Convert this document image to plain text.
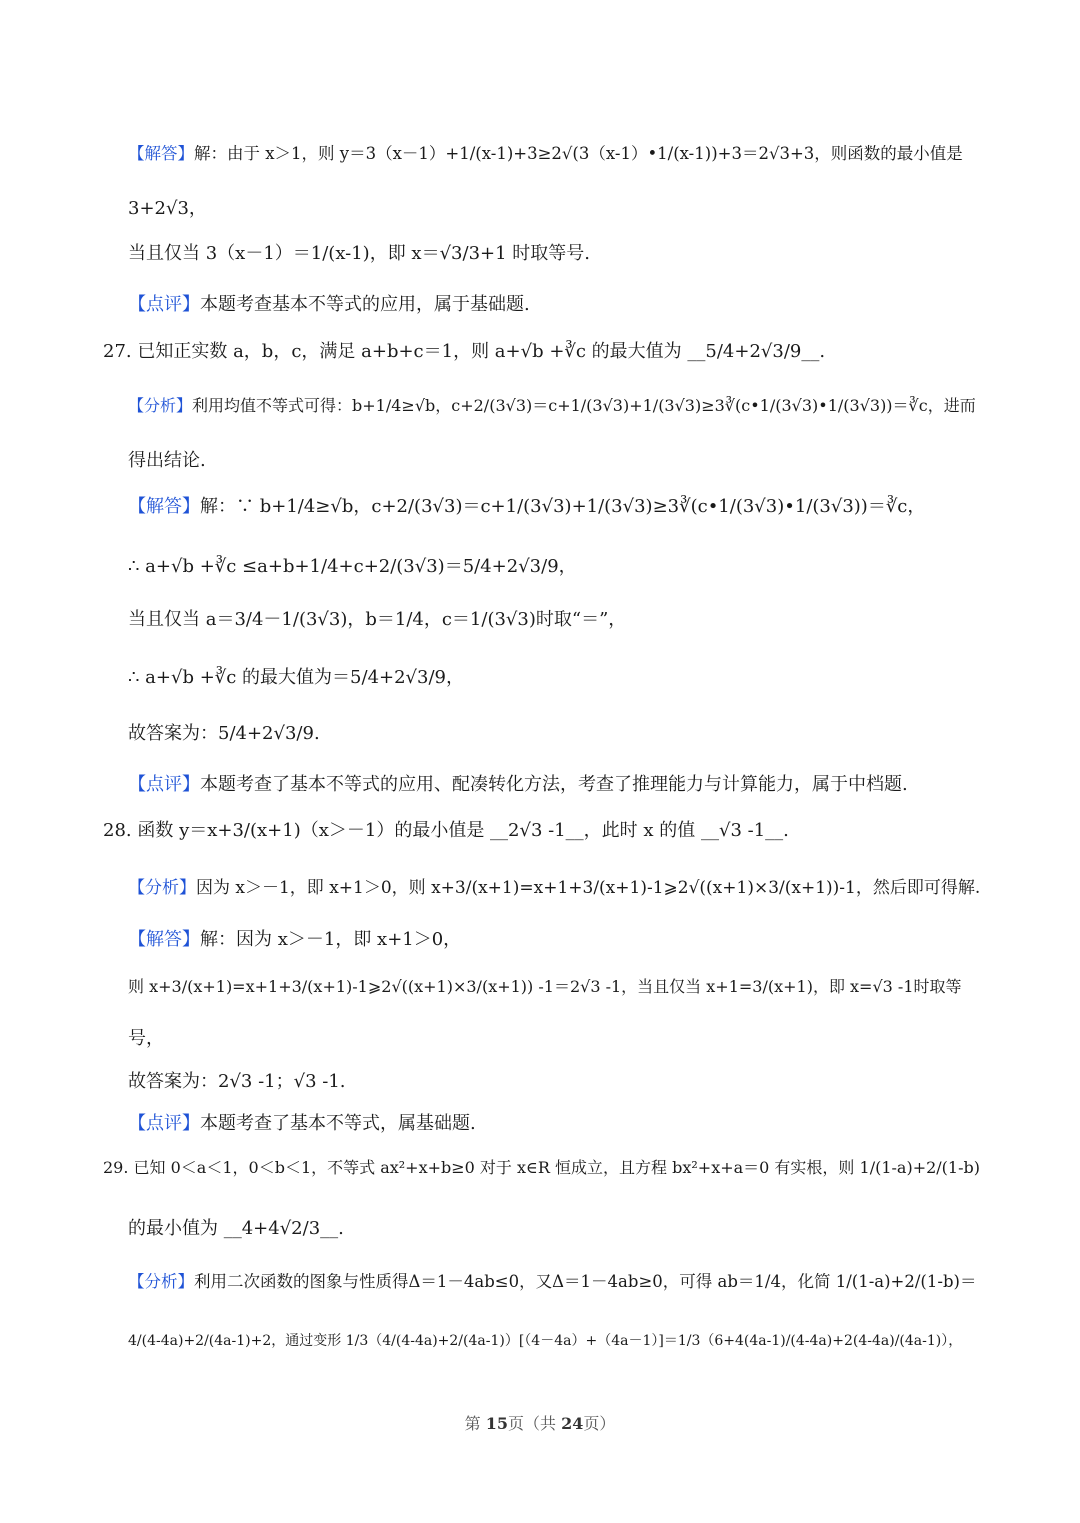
【解答】解：由于 x＞1，则 y＝3（x－1）+1/(x-1)+3≥2√(3（x-1）•1/(x-1))+3＝2√3+3，则函数的最小值是
3+2√3，
当且仅当 3（x－1）＝1/(x-1)，即 x＝√3/3+1 时取等号.
【点评】本题考查基本不等式的应用，属于基础题.
27. 已知正实数 a，b，c，满足 a+b+c＝1，则 a+√b +∛c 的最大值为 __5/4+2√3/9__.
【分析】利用均值不等式可得：b+1/4≥√b，c+2/(3√3)＝c+1/(3√3)+1/(3√3)≥3∛(c•1/(3√3)•1/(3√3))＝∛c，进而
得出结论.
【解答】解：∵ b+1/4≥√b，c+2/(3√3)＝c+1/(3√3)+1/(3√3)≥3∛(c•1/(3√3)•1/(3√3))＝∛c，
∴ a+√b +∛c ≤a+b+1/4+c+2/(3√3)＝5/4+2√3/9，
当且仅当 a＝3/4－1/(3√3)，b＝1/4，c＝1/(3√3)时取“＝”，
∴ a+√b +∛c 的最大值为＝5/4+2√3/9，
故答案为：5/4+2√3/9.
【点评】本题考查了基本不等式的应用、配凑转化方法，考查了推理能力与计算能力，属于中档题.
28. 函数 y＝x+3/(x+1)（x＞－1）的最小值是 __2√3 -1__，此时 x 的值 __√3 -1__.
【分析】因为 x＞－1，即 x+1＞0，则 x+3/(x+1)=x+1+3/(x+1)-1⩾2√((x+1)×3/(x+1))-1，然后即可得解.
【解答】解：因为 x＞－1，即 x+1＞0，
则 x+3/(x+1)=x+1+3/(x+1)-1⩾2√((x+1)×3/(x+1)) -1＝2√3 -1，当且仅当 x+1=3/(x+1)，即 x=√3 -1时取等
号，
故答案为：2√3 -1；√3 -1.
【点评】本题考查了基本不等式，属基础题.
29. 已知 0＜a＜1，0＜b＜1，不等式 ax²+x+b≥0 对于 x∈R 恒成立，且方程 bx²+x+a＝0 有实根，则 1/(1-a)+2/(1-b)
的最小值为 __4+4√2/3__.
【分析】利用二次函数的图象与性质得Δ＝1－4ab≤0，又Δ＝1－4ab≥0，可得 ab＝1/4，化简 1/(1-a)+2/(1-b)＝
4/(4-4a)+2/(4a-1)+2，通过变形 1/3（4/(4-4a)+2/(4a-1)）[（4－4a）+（4a－1）]＝1/3（6+4(4a-1)/(4-4a)+2(4-4a)/(4a-1)），
第 15页（共 24页）
